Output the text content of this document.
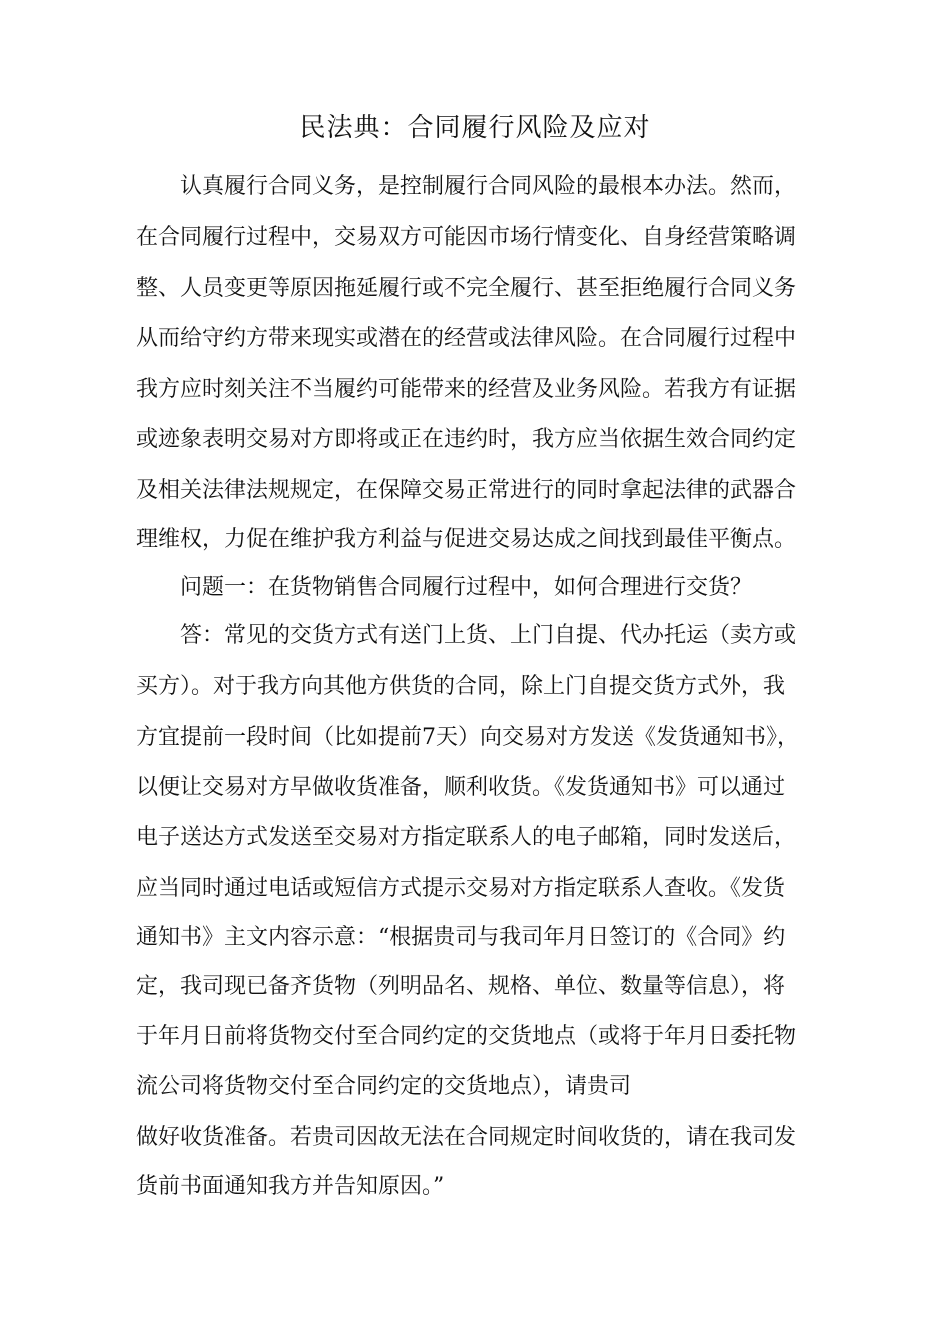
民法典：合同履行风险及应对
　　认真履行合同义务，是控制履行合同风险的最根本办法。然而，
在合同履行过程中，交易双方可能因市场行情变化、自身经营策略调
整、人员变更等原因拖延履行或不完全履行、甚至拒绝履行合同义务
从而给守约方带来现实或潜在的经营或法律风险。在合同履行过程中
我方应时刻关注不当履约可能带来的经营及业务风险。若我方有证据
或迹象表明交易对方即将或正在违约时，我方应当依据生效合同约定
及相关法律法规规定，在保障交易正常进行的同时拿起法律的武器合
理维权，力促在维护我方利益与促进交易达成之间找到最佳平衡点。
　　问题一：在货物销售合同履行过程中，如何合理进行交货？
　　答：常见的交货方式有送门上货、上门自提、代办托运（卖方或
买方）。对于我方向其他方供货的合同，除上门自提交货方式外，我
方宜提前一段时间（比如提前7天）向交易对方发送《发货通知书》，
以便让交易对方早做收货准备，顺利收货。《发货通知书》可以通过
电子送达方式发送至交易对方指定联系人的电子邮箱，同时发送后，
应当同时通过电话或短信方式提示交易对方指定联系人查收。《发货
通知书》主文内容示意：“根据贵司与我司年月日签订的《合同》约
定，我司现已备齐货物（列明品名、规格、单位、数量等信息），将
于年月日前将货物交付至合同约定的交货地点（或将于年月日委托物
流公司将货物交付至合同约定的交货地点），请贵司
做好收货准备。若贵司因故无法在合同规定时间收货的，请在我司发
货前书面通知我方并告知原因。”
